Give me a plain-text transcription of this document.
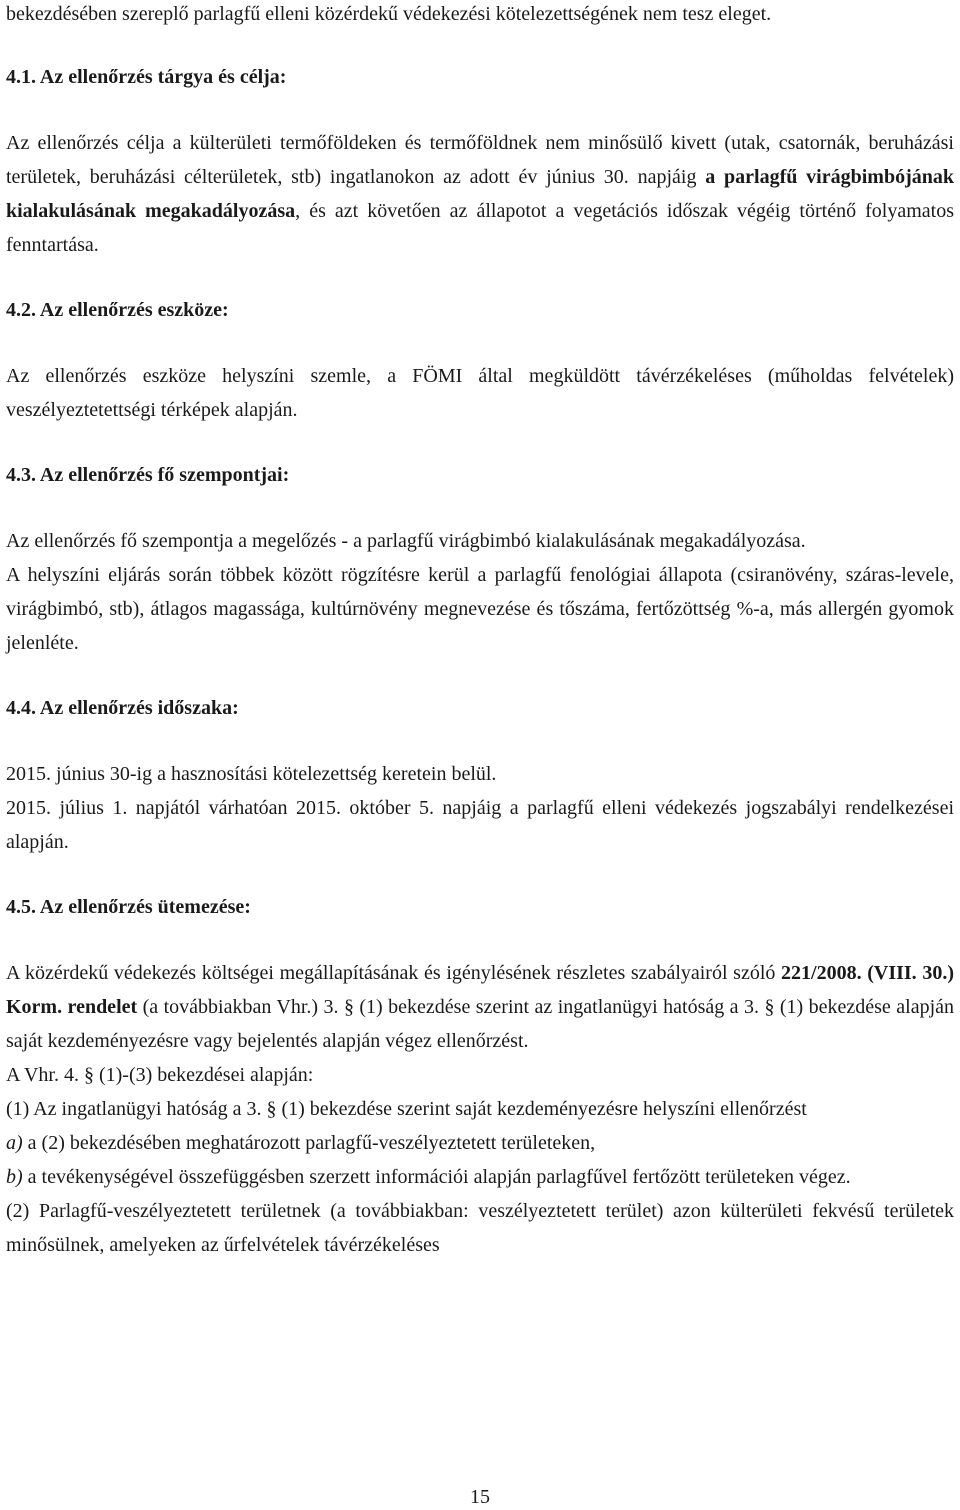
bekezdésében szereplő parlagfű elleni közérdekű védekezési kötelezettségének nem tesz eleget.

4.1. Az ellenőrzés tárgya és célja:

Az ellenőrzés célja a külterületi termőföldeken és termőföldnek nem minősülő kivett (utak, csatornák, beruházási területek, beruházási célterületek, stb) ingatlanokon az adott év június 30. napjáig a parlagfű virágbimbójának kialakulásának megakadályozása, és azt követően az állapotot a vegetációs időszak végéig történő folyamatos fenntartása.

4.2. Az ellenőrzés eszköze:

Az ellenőrzés eszköze helyszíni szemle, a FÖMI által megküldött távérzékeléses (műholdas felvételek) veszélyeztetettségi térképek alapján.

4.3. Az ellenőrzés fő szempontjai:

Az ellenőrzés fő szempontja a megelőzés - a parlagfű virágbimbó kialakulásának megakadályozása.

A helyszíni eljárás során többek között rögzítésre kerül a parlagfű fenológiai állapota (csiranövény, száras-levele, virágbimbó, stb), átlagos magassága, kultúrnövény megnevezése és tőszáma, fertőzöttség %-a, más allergén gyomok jelenléte.

4.4. Az ellenőrzés időszaka:

2015. június 30-ig a hasznosítási kötelezettség keretein belül.

2015. július 1. napjától várhatóan 2015. október 5. napjáig a parlagfű elleni védekezés jogszabályi rendelkezései alapján.

4.5. Az ellenőrzés ütemezése:

A közérdekű védekezés költségei megállapításának és igénylésének részletes szabályairól szóló 221/2008. (VIII. 30.) Korm. rendelet (a továbbiakban Vhr.) 3. § (1) bekezdése szerint az ingatlanügyi hatóság a 3. § (1) bekezdése alapján saját kezdeményezésre vagy bejelentés alapján végez ellenőrzést.

A Vhr. 4. § (1)-(3) bekezdései alapján:

(1) Az ingatlanügyi hatóság a 3. § (1) bekezdése szerint saját kezdeményezésre helyszíni ellenőrzést

a) a (2) bekezdésében meghatározott parlagfű-veszélyeztetett területeken,

b) a tevékenységével összefüggésben szerzett információi alapján parlagfűvel fertőzött területeken végez.

(2) Parlagfű-veszélyeztetett területnek (a továbbiakban: veszélyeztetett terület) azon külterületi fekvésű területek minősülnek, amelyeken az űrfelvételek távérzékeléses

15
